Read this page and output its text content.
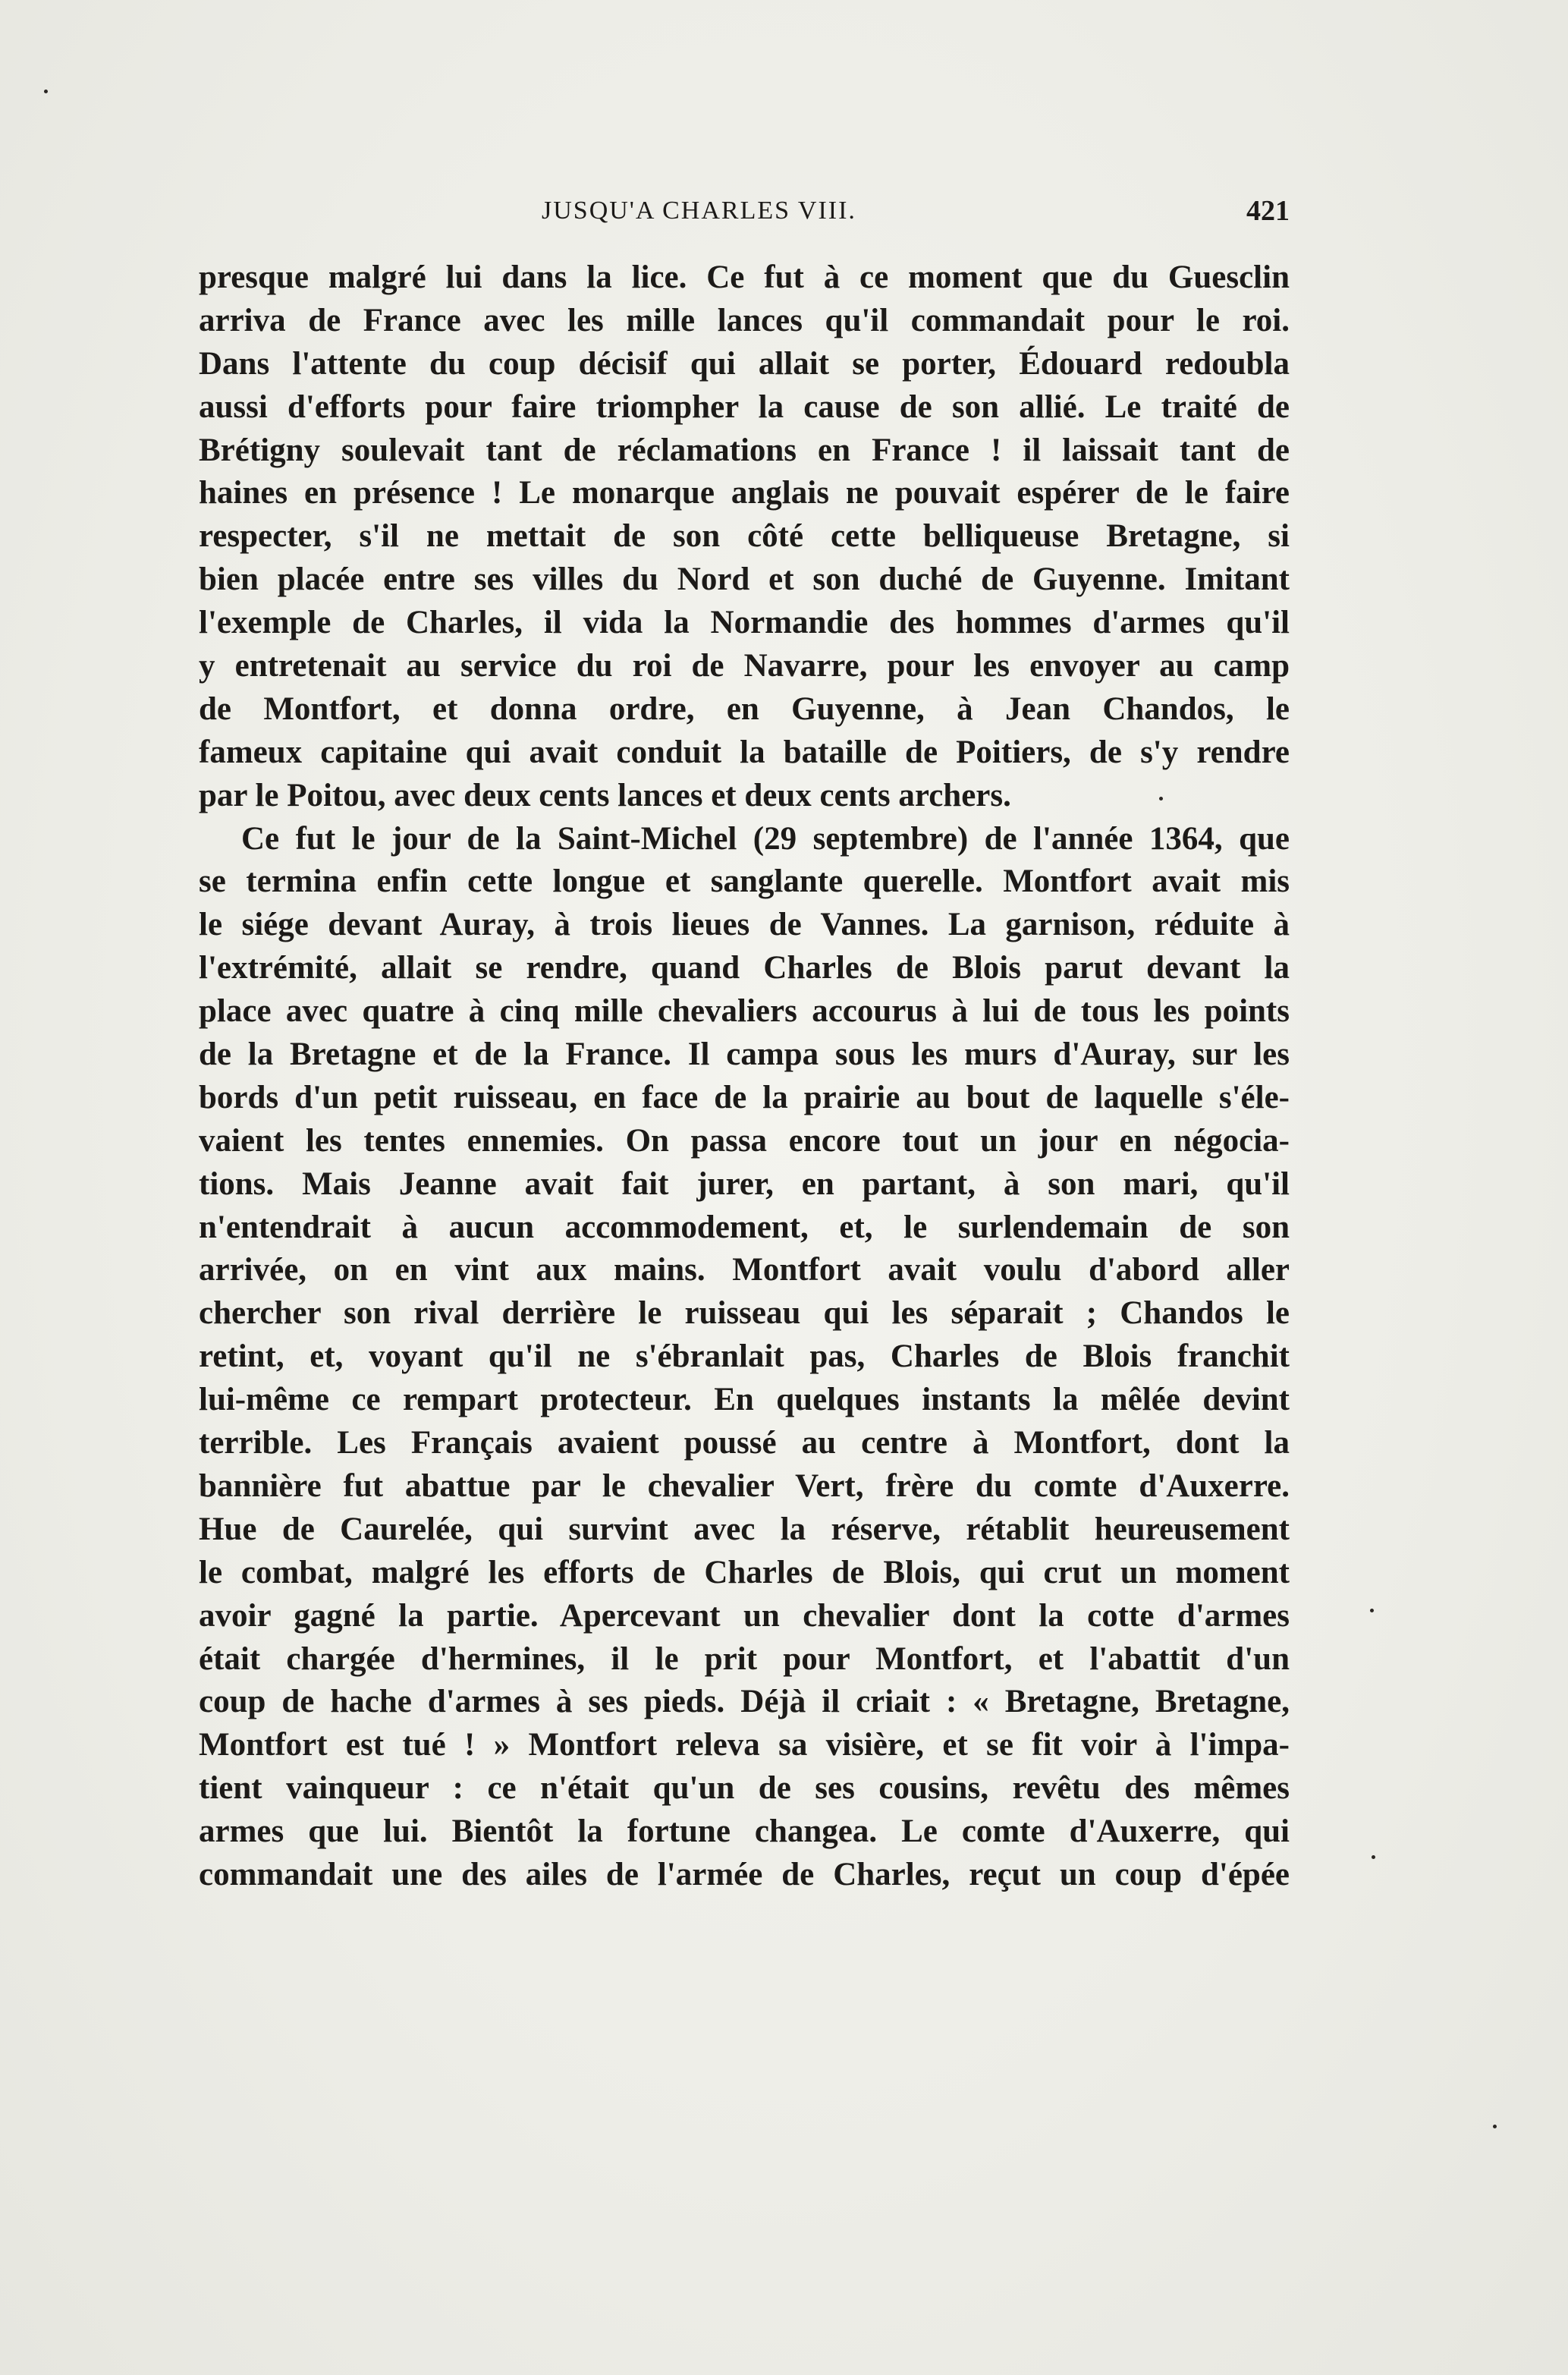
JUSQU'A CHARLES VIII.	421
presque malgré lui dans la lice. Ce fut à ce moment que du Guesclin
arriva de France avec les mille lances qu'il commandait pour le roi.
Dans l'attente du coup décisif qui allait se porter, Édouard redoubla
aussi d'efforts pour faire triompher la cause de son allié. Le traité de
Brétigny soulevait tant de réclamations en France ! il laissait tant de
haines en présence ! Le monarque anglais ne pouvait espérer de le faire
respecter, s'il ne mettait de son côté cette belliqueuse Bretagne, si
bien placée entre ses villes du Nord et son duché de Guyenne. Imitant
l'exemple de Charles, il vida la Normandie des hommes d'armes qu'il
y entretenait au service du roi de Navarre, pour les envoyer au camp
de Montfort, et donna ordre, en Guyenne, à Jean Chandos, le
fameux capitaine qui avait conduit la bataille de Poitiers, de s'y rendre
par le Poitou, avec deux cents lances et deux cents archers.
Ce fut le jour de la Saint-Michel (29 septembre) de l'année 1364, que
se termina enfin cette longue et sanglante querelle. Montfort avait mis
le siége devant Auray, à trois lieues de Vannes. La garnison, réduite à
l'extrémité, allait se rendre, quand Charles de Blois parut devant la
place avec quatre à cinq mille chevaliers accourus à lui de tous les points
de la Bretagne et de la France. Il campa sous les murs d'Auray, sur les
bords d'un petit ruisseau, en face de la prairie au bout de laquelle s'éle-
vaient les tentes ennemies. On passa encore tout un jour en négocia-
tions. Mais Jeanne avait fait jurer, en partant, à son mari, qu'il
n'entendrait à aucun accommodement, et, le surlendemain de son
arrivée, on en vint aux mains. Montfort avait voulu d'abord aller
chercher son rival derrière le ruisseau qui les séparait ; Chandos le
retint, et, voyant qu'il ne s'ébranlait pas, Charles de Blois franchit
lui-même ce rempart protecteur. En quelques instants la mêlée devint
terrible. Les Français avaient poussé au centre à Montfort, dont la
bannière fut abattue par le chevalier Vert, frère du comte d'Auxerre.
Hue de Caurelée, qui survint avec la réserve, rétablit heureusement
le combat, malgré les efforts de Charles de Blois, qui crut un moment
avoir gagné la partie. Apercevant un chevalier dont la cotte d'armes
était chargée d'hermines, il le prit pour Montfort, et l'abattit d'un
coup de hache d'armes à ses pieds. Déjà il criait : « Bretagne, Bretagne,
Montfort est tué ! » Montfort releva sa visière, et se fit voir à l'impa-
tient vainqueur : ce n'était qu'un de ses cousins, revêtu des mêmes
armes que lui. Bientôt la fortune changea. Le comte d'Auxerre, qui
commandait une des ailes de l'armée de Charles, reçut un coup d'épée
